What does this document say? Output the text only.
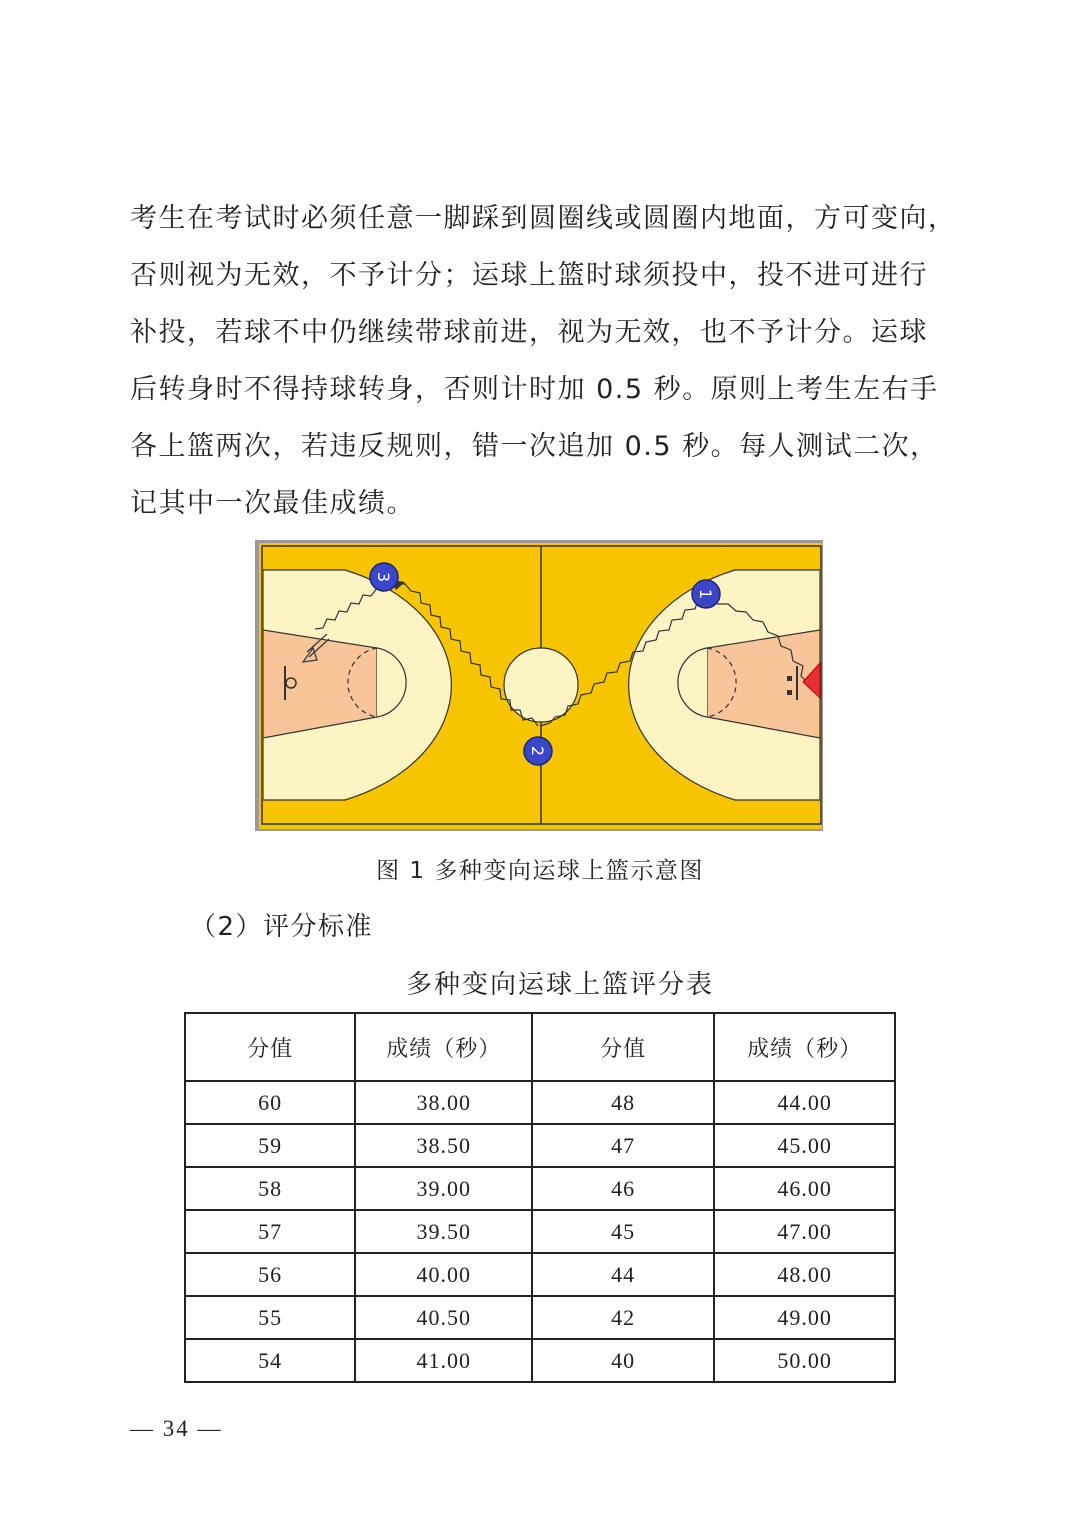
考生在考试时必须任意一脚踩到圆圈线或圆圈内地面，方可变向，
否则视为无效，不予计分；运球上篮时球须投中，投不进可进行
补投，若球不中仍继续带球前进，视为无效，也不予计分。运球
后转身时不得持球转身，否则计时加 0.5 秒。原则上考生左右手
各上篮两次，若违反规则，错一次追加 0.5 秒。每人测试二次，
记其中一次最佳成绩。

1
2
3
图 1 多种变向运球上篮示意图
（2）评分标准
多种变向运球上篮评分表
分值	成绩（秒）	分值	成绩（秒）
60	38.00	48	44.00
59	38.50	47	45.00
58	39.00	46	46.00
57	39.50	45	47.00
56	40.00	44	48.00
55	40.50	42	49.00
54	41.00	40	50.00
— 34 —
